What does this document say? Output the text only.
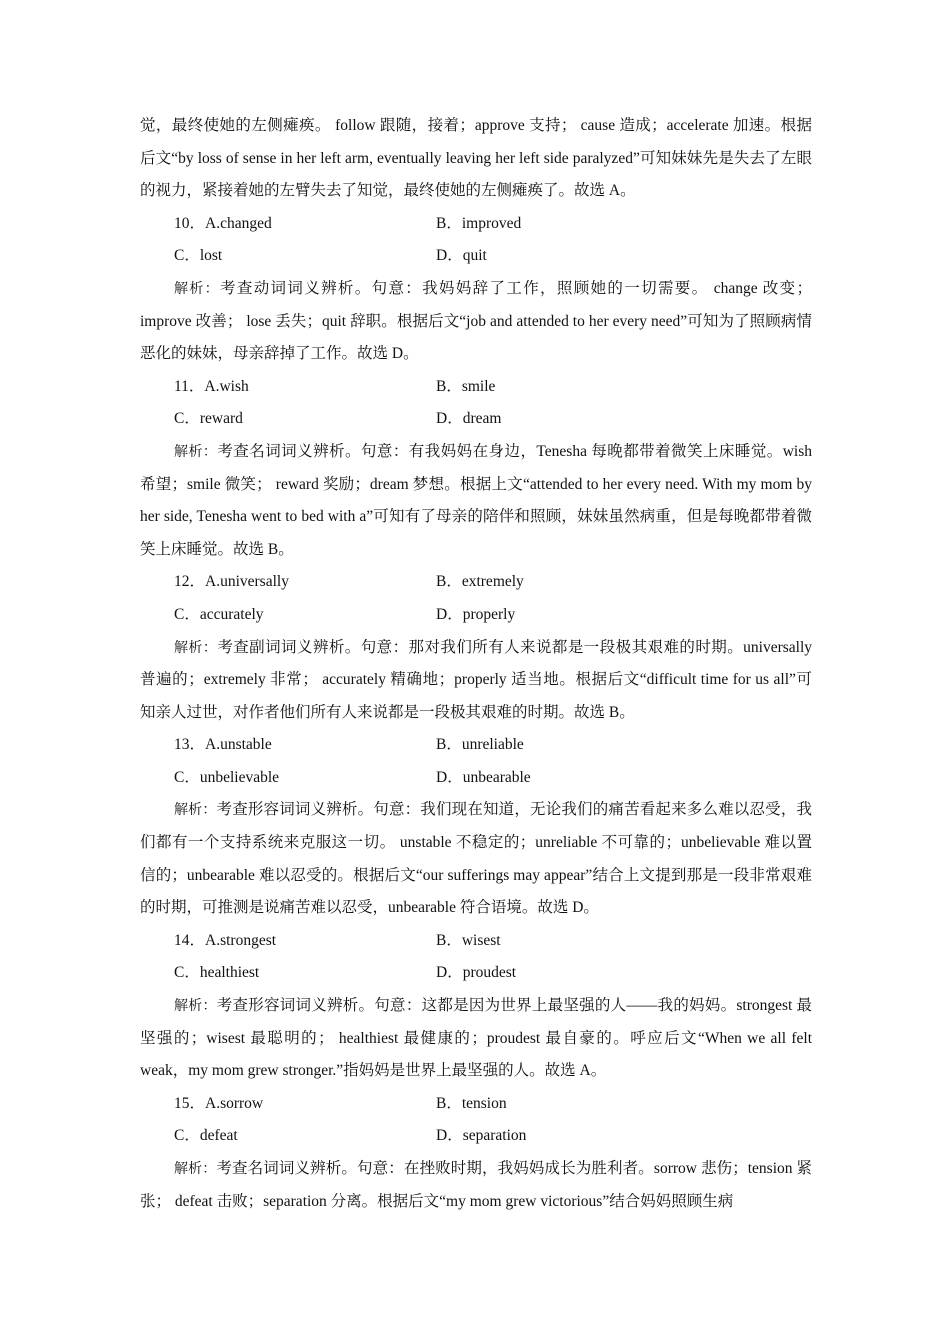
觉，最终使她的左侧瘫痪。 follow 跟随，接着；approve 支持； cause 造成；accelerate 加速。根据后文“by loss of sense in her left arm, eventually leaving her left side paralyzed”可知妹妹先是失去了左眼的视力，紧接着她的左臂失去了知觉，最终使她的左侧瘫痪了。故选 A。

10．A.changed	B．improved
C．lost	D．quit

解析：考查动词词义辨析。句意：我妈妈辞了工作，照顾她的一切需要。 change 改变；improve 改善； lose 丢失；quit 辞职。根据后文“job and attended to her every need”可知为了照顾病情恶化的妹妹，母亲辞掉了工作。故选 D。

11．A.wish	B．smile
C．reward	D．dream

解析：考查名词词义辨析。句意：有我妈妈在身边，Tenesha 每晚都带着微笑上床睡觉。wish 希望；smile 微笑； reward 奖励；dream 梦想。根据上文“attended to her every need. With my mom by her side, Tenesha went to bed with a”可知有了母亲的陪伴和照顾，妹妹虽然病重，但是每晚都带着微笑上床睡觉。故选 B。

12．A.universally	B．extremely
C．accurately	D．properly

解析：考查副词词义辨析。句意：那对我们所有人来说都是一段极其艰难的时期。universally 普遍的；extremely 非常； accurately 精确地；properly 适当地。根据后文“difficult time for us all”可知亲人过世，对作者他们所有人来说都是一段极其艰难的时期。故选 B。

13．A.unstable	B．unreliable
C．unbelievable	D．unbearable

解析：考查形容词词义辨析。句意：我们现在知道，无论我们的痛苦看起来多么难以忍受，我们都有一个支持系统来克服这一切。 unstable 不稳定的；unreliable 不可靠的；unbelievable 难以置信的；unbearable 难以忍受的。根据后文“our sufferings may appear”结合上文提到那是一段非常艰难的时期，可推测是说痛苦难以忍受，unbearable 符合语境。故选 D。

14．A.strongest	B．wisest
C．healthiest	D．proudest

解析：考查形容词词义辨析。句意：这都是因为世界上最坚强的人——我的妈妈。strongest 最坚强的；wisest 最聪明的； healthiest 最健康的；proudest 最自豪的。呼应后文“When we all felt weak，my mom grew stronger.”指妈妈是世界上最坚强的人。故选 A。

15．A.sorrow	B．tension
C．defeat	D．separation

解析：考查名词词义辨析。句意：在挫败时期，我妈妈成长为胜利者。sorrow 悲伤；tension 紧张； defeat 击败；separation 分离。根据后文“my mom grew victorious”结合妈妈照顾生病
